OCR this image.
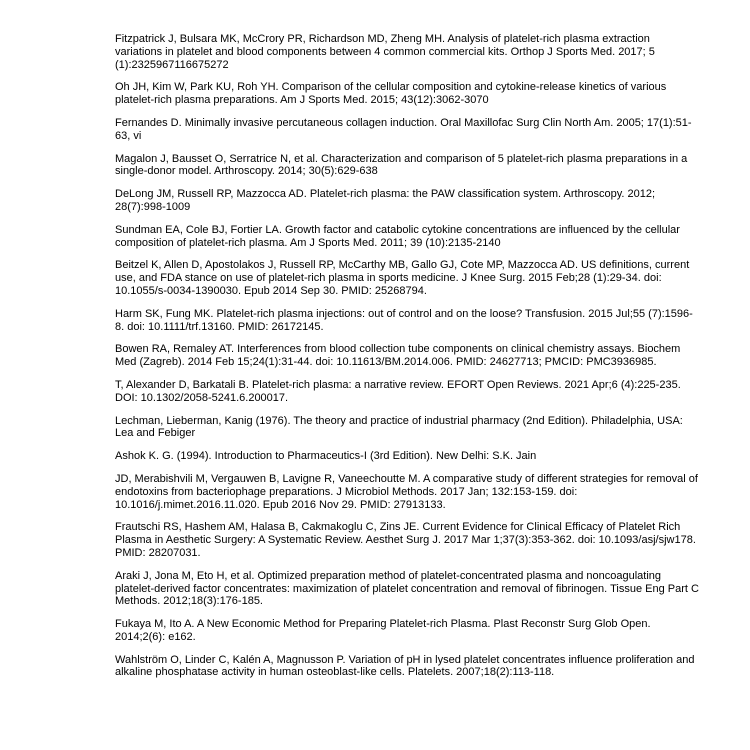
Fitzpatrick J, Bulsara MK, McCrory PR, Richardson MD, Zheng MH. Analysis of platelet-rich plasma extraction variations in platelet and blood components between 4 common commercial kits. Orthop J Sports Med. 2017; 5 (1):2325967116675272

Oh JH, Kim W, Park KU, Roh YH. Comparison of the cellular composition and cytokine-release kinetics of various platelet-rich plasma preparations. Am J Sports Med. 2015; 43(12):3062-3070

Fernandes D. Minimally invasive percutaneous collagen induction. Oral Maxillofac Surg Clin North Am. 2005; 17(1):51-63, vi

Magalon J, Bausset O, Serratrice N, et al. Characterization and comparison of 5 platelet-rich plasma preparations in a single-donor model. Arthroscopy. 2014; 30(5):629-638

DeLong JM, Russell RP, Mazzocca AD. Platelet-rich plasma: the PAW classification system. Arthroscopy. 2012; 28(7):998-1009

Sundman EA, Cole BJ, Fortier LA. Growth factor and catabolic cytokine concentrations are influenced by the cellular composition of platelet-rich plasma. Am J Sports Med. 2011; 39 (10):2135-2140

Beitzel K, Allen D, Apostolakos J, Russell RP, McCarthy MB, Gallo GJ, Cote MP, Mazzocca AD. US definitions, current use, and FDA stance on use of platelet-rich plasma in sports medicine. J Knee Surg. 2015 Feb;28 (1):29-34. doi: 10.1055/s-0034-1390030. Epub 2014 Sep 30. PMID: 25268794.

Harm SK, Fung MK. Platelet-rich plasma injections: out of control and on the loose? Transfusion. 2015 Jul;55 (7):1596-8. doi: 10.1111/trf.13160. PMID: 26172145.

Bowen RA, Remaley AT. Interferences from blood collection tube components on clinical chemistry assays. Biochem Med (Zagreb). 2014 Feb 15;24(1):31-44. doi: 10.11613/BM.2014.006. PMID: 24627713; PMCID: PMC3936985.

T, Alexander D, Barkatali B. Platelet-rich plasma: a narrative review. EFORT Open Reviews. 2021 Apr;6 (4):225-235. DOI: 10.1302/2058-5241.6.200017.

Lechman, Lieberman, Kanig (1976). The theory and practice of industrial pharmacy (2nd Edition). Philadelphia, USA: Lea and Febiger

Ashok K. G. (1994). Introduction to Pharmaceutics-I (3rd Edition). New Delhi: S.K. Jain

JD, Merabishvili M, Vergauwen B, Lavigne R, Vaneechoutte M. A comparative study of different strategies for removal of endotoxins from bacteriophage preparations. J Microbiol Methods. 2017 Jan; 132:153-159. doi: 10.1016/j.mimet.2016.11.020. Epub 2016 Nov 29. PMID: 27913133.

Frautschi RS, Hashem AM, Halasa B, Cakmakoglu C, Zins JE. Current Evidence for Clinical Efficacy of Platelet Rich Plasma in Aesthetic Surgery: A Systematic Review. Aesthet Surg J. 2017 Mar 1;37(3):353-362. doi: 10.1093/asj/sjw178. PMID: 28207031.

Araki J, Jona M, Eto H, et al. Optimized preparation method of platelet-concentrated plasma and noncoagulating platelet-derived factor concentrates: maximization of platelet concentration and removal of fibrinogen. Tissue Eng Part C Methods. 2012;18(3):176-185.

Fukaya M, Ito A. A New Economic Method for Preparing Platelet-rich Plasma. Plast Reconstr Surg Glob Open. 2014;2(6): e162.

Wahlström O, Linder C, Kalén A, Magnusson P. Variation of pH in lysed platelet concentrates influence proliferation and alkaline phosphatase activity in human osteoblast-like cells. Platelets. 2007;18(2):113-118.
